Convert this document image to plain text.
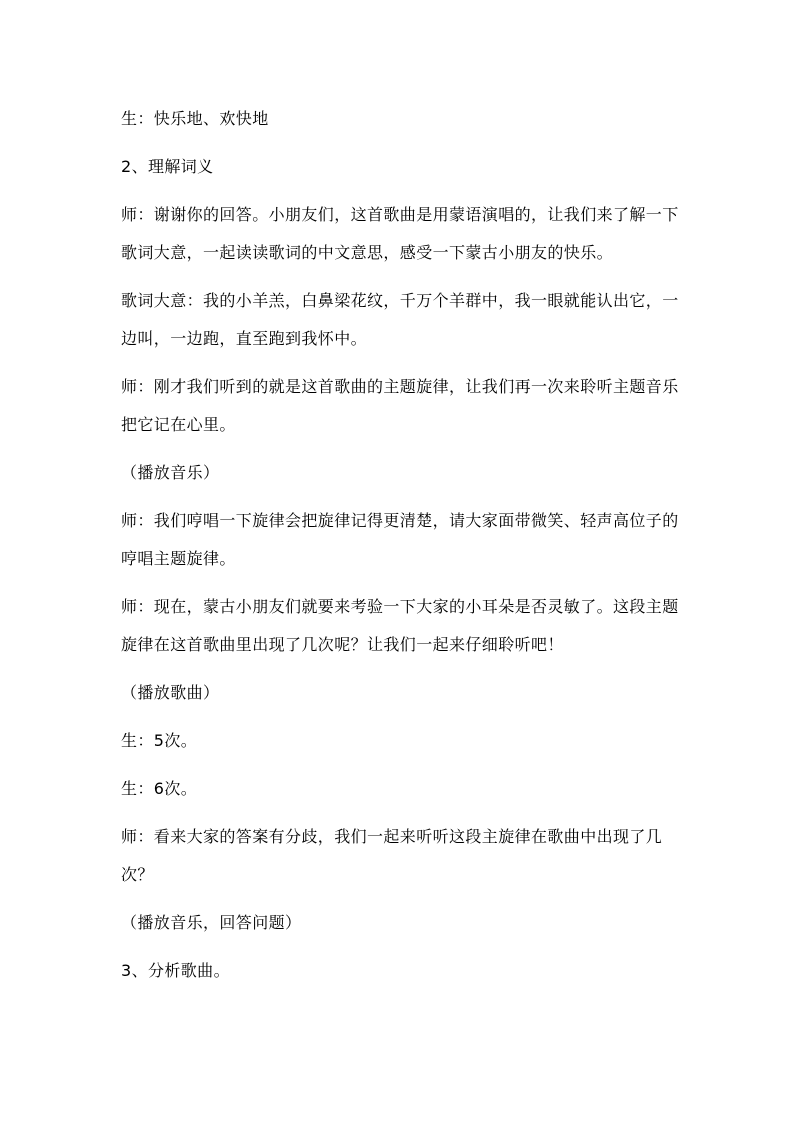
生：快乐地、欢快地

2、理解词义

师：谢谢你的回答。小朋友们，这首歌曲是用蒙语演唱的，让我们来了解一下歌词大意，一起读读歌词的中文意思，感受一下蒙古小朋友的快乐。

歌词大意：我的小羊羔，白鼻梁花纹，千万个羊群中，我一眼就能认出它，一边叫，一边跑，直至跑到我怀中。

师：刚才我们听到的就是这首歌曲的主题旋律，让我们再一次来聆听主题音乐把它记在心里。

（播放音乐）

师：我们哼唱一下旋律会把旋律记得更清楚，请大家面带微笑、轻声高位子的哼唱主题旋律。

师：现在，蒙古小朋友们就要来考验一下大家的小耳朵是否灵敏了。这段主题旋律在这首歌曲里出现了几次呢？让我们一起来仔细聆听吧！

（播放歌曲）

生：5次。

生：6次。

师：看来大家的答案有分歧，我们一起来听听这段主旋律在歌曲中出现了几次？

（播放音乐，回答问题）

3、分析歌曲。
